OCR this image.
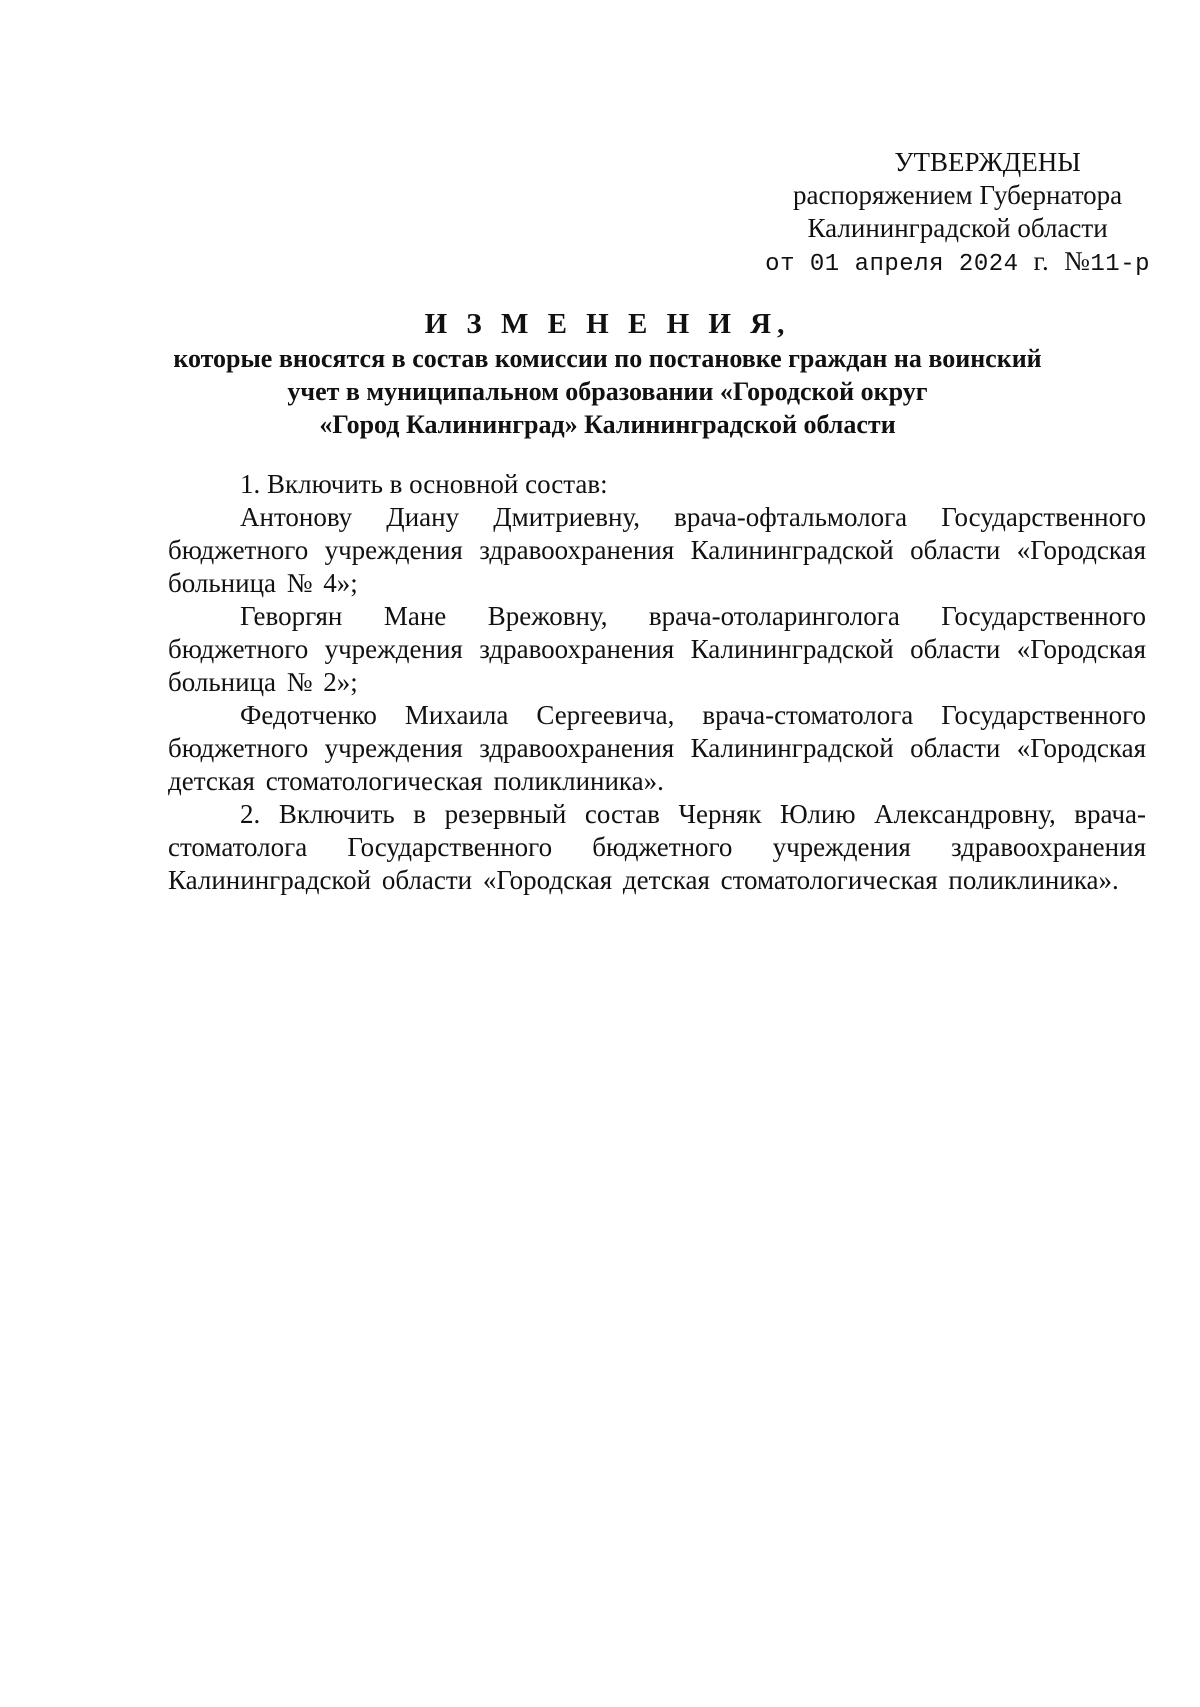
УТВЕРЖДЕНЫ
распоряжением Губернатора
Калининградской области
от 01 апреля 2024 г. №11-р
И З М Е Н Е Н И Я,
которые вносятся в состав комиссии по постановке граждан на воинский
учет в муниципальном образовании «Городской округ
«Город Калининград» Калининградской области

1. Включить в основной состав:

Антонову Диану Дмитриевну, врача-офтальмолога Государственного бюджетного учреждения здравоохранения Калининградской области «Городская больница № 4»;

Геворгян Мане Врежовну, врача-отоларинголога Государственного бюджетного учреждения здравоохранения Калининградской области «Городская больница № 2»;

Федотченко Михаила Сергеевича, врача-стоматолога Государственного бюджетного учреждения здравоохранения Калининградской области «Городская детская стоматологическая поликлиника».

2. Включить в резервный состав Черняк Юлию Александровну, врача-стоматолога Государственного бюджетного учреждения здравоохранения Калининградской области «Городская детская стоматологическая поликлиника».
